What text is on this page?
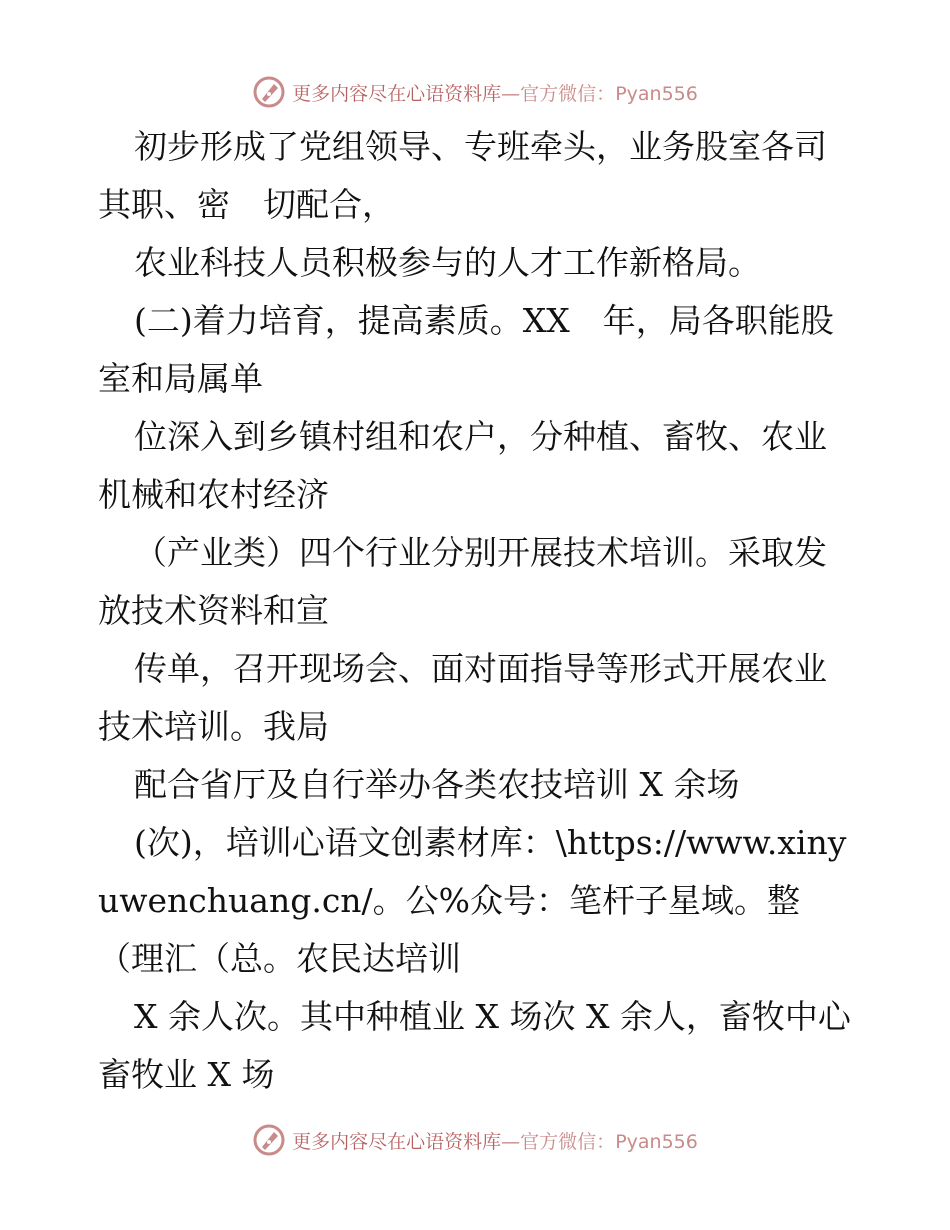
更多内容尽在心语资料库—官方微信：Pyan556

初步形成了党组领导、专班牵头，业务股室各司其职、密　切配合，

农业科技人员积极参与的人才工作新格局。

(二)着力培育，提高素质。XX　年，局各职能股室和局属单

位深入到乡镇村组和农户，分种植、畜牧、农业机械和农村经济

（产业类）四个行业分别开展技术培训。采取发放技术资料和宣

传单，召开现场会、面对面指导等形式开展农业技术培训。我局

配合省厅及自行举办各类农技培训 X 余场

(次)，培训心语文创素材库：\https://www.xinyuwenchuang.cn/。公%众号：笔杆子星域。整（理汇（总。农民达培训

X 余人次。其中种植业 X 场次 X 余人，畜牧中心畜牧业 X 场

更多内容尽在心语资料库—官方微信：Pyan556
